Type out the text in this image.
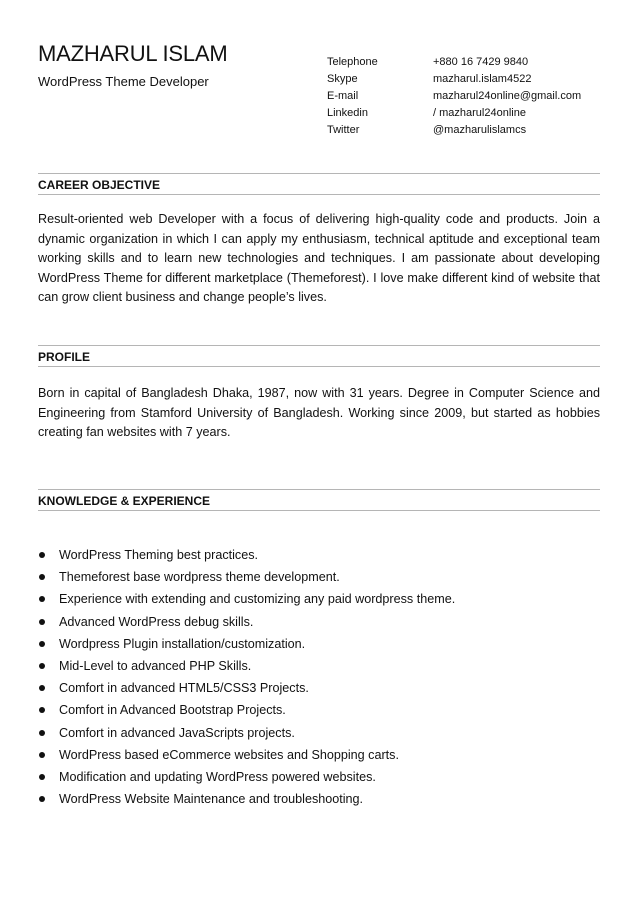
MAZHARUL ISLAM
WordPress Theme Developer
Telephone	+880 16 7429 9840
Skype	mazharul.islam4522
E-mail	mazharul24online@gmail.com
Linkedin	/ mazharul24online
Twitter	@mazharulislamcs
CAREER OBJECTIVE
Result-oriented web Developer with a focus of delivering high-quality code and products. Join a dynamic organization in which I can apply my enthusiasm, technical aptitude and exceptional team working skills and to learn new technologies and techniques. I am passionate about developing WordPress Theme for different marketplace (Themeforest). I love make different kind of website that can grow client business and change people’s lives.
PROFILE
Born in capital of Bangladesh Dhaka, 1987, now with 31 years. Degree in Computer Science and Engineering from Stamford University of Bangladesh. Working since 2009, but started as hobbies creating fan websites with 7 years.
KNOWLEDGE & EXPERIENCE
WordPress Theming best practices.
Themeforest base wordpress theme development.
Experience with extending and customizing any paid wordpress theme.
Advanced WordPress debug skills.
Wordpress Plugin installation/customization.
Mid-Level to advanced PHP Skills.
Comfort in advanced HTML5/CSS3 Projects.
Comfort in Advanced Bootstrap Projects.
Comfort in advanced JavaScripts projects.
WordPress based eCommerce websites and Shopping carts.
Modification and updating WordPress powered websites.
WordPress Website Maintenance and troubleshooting.
